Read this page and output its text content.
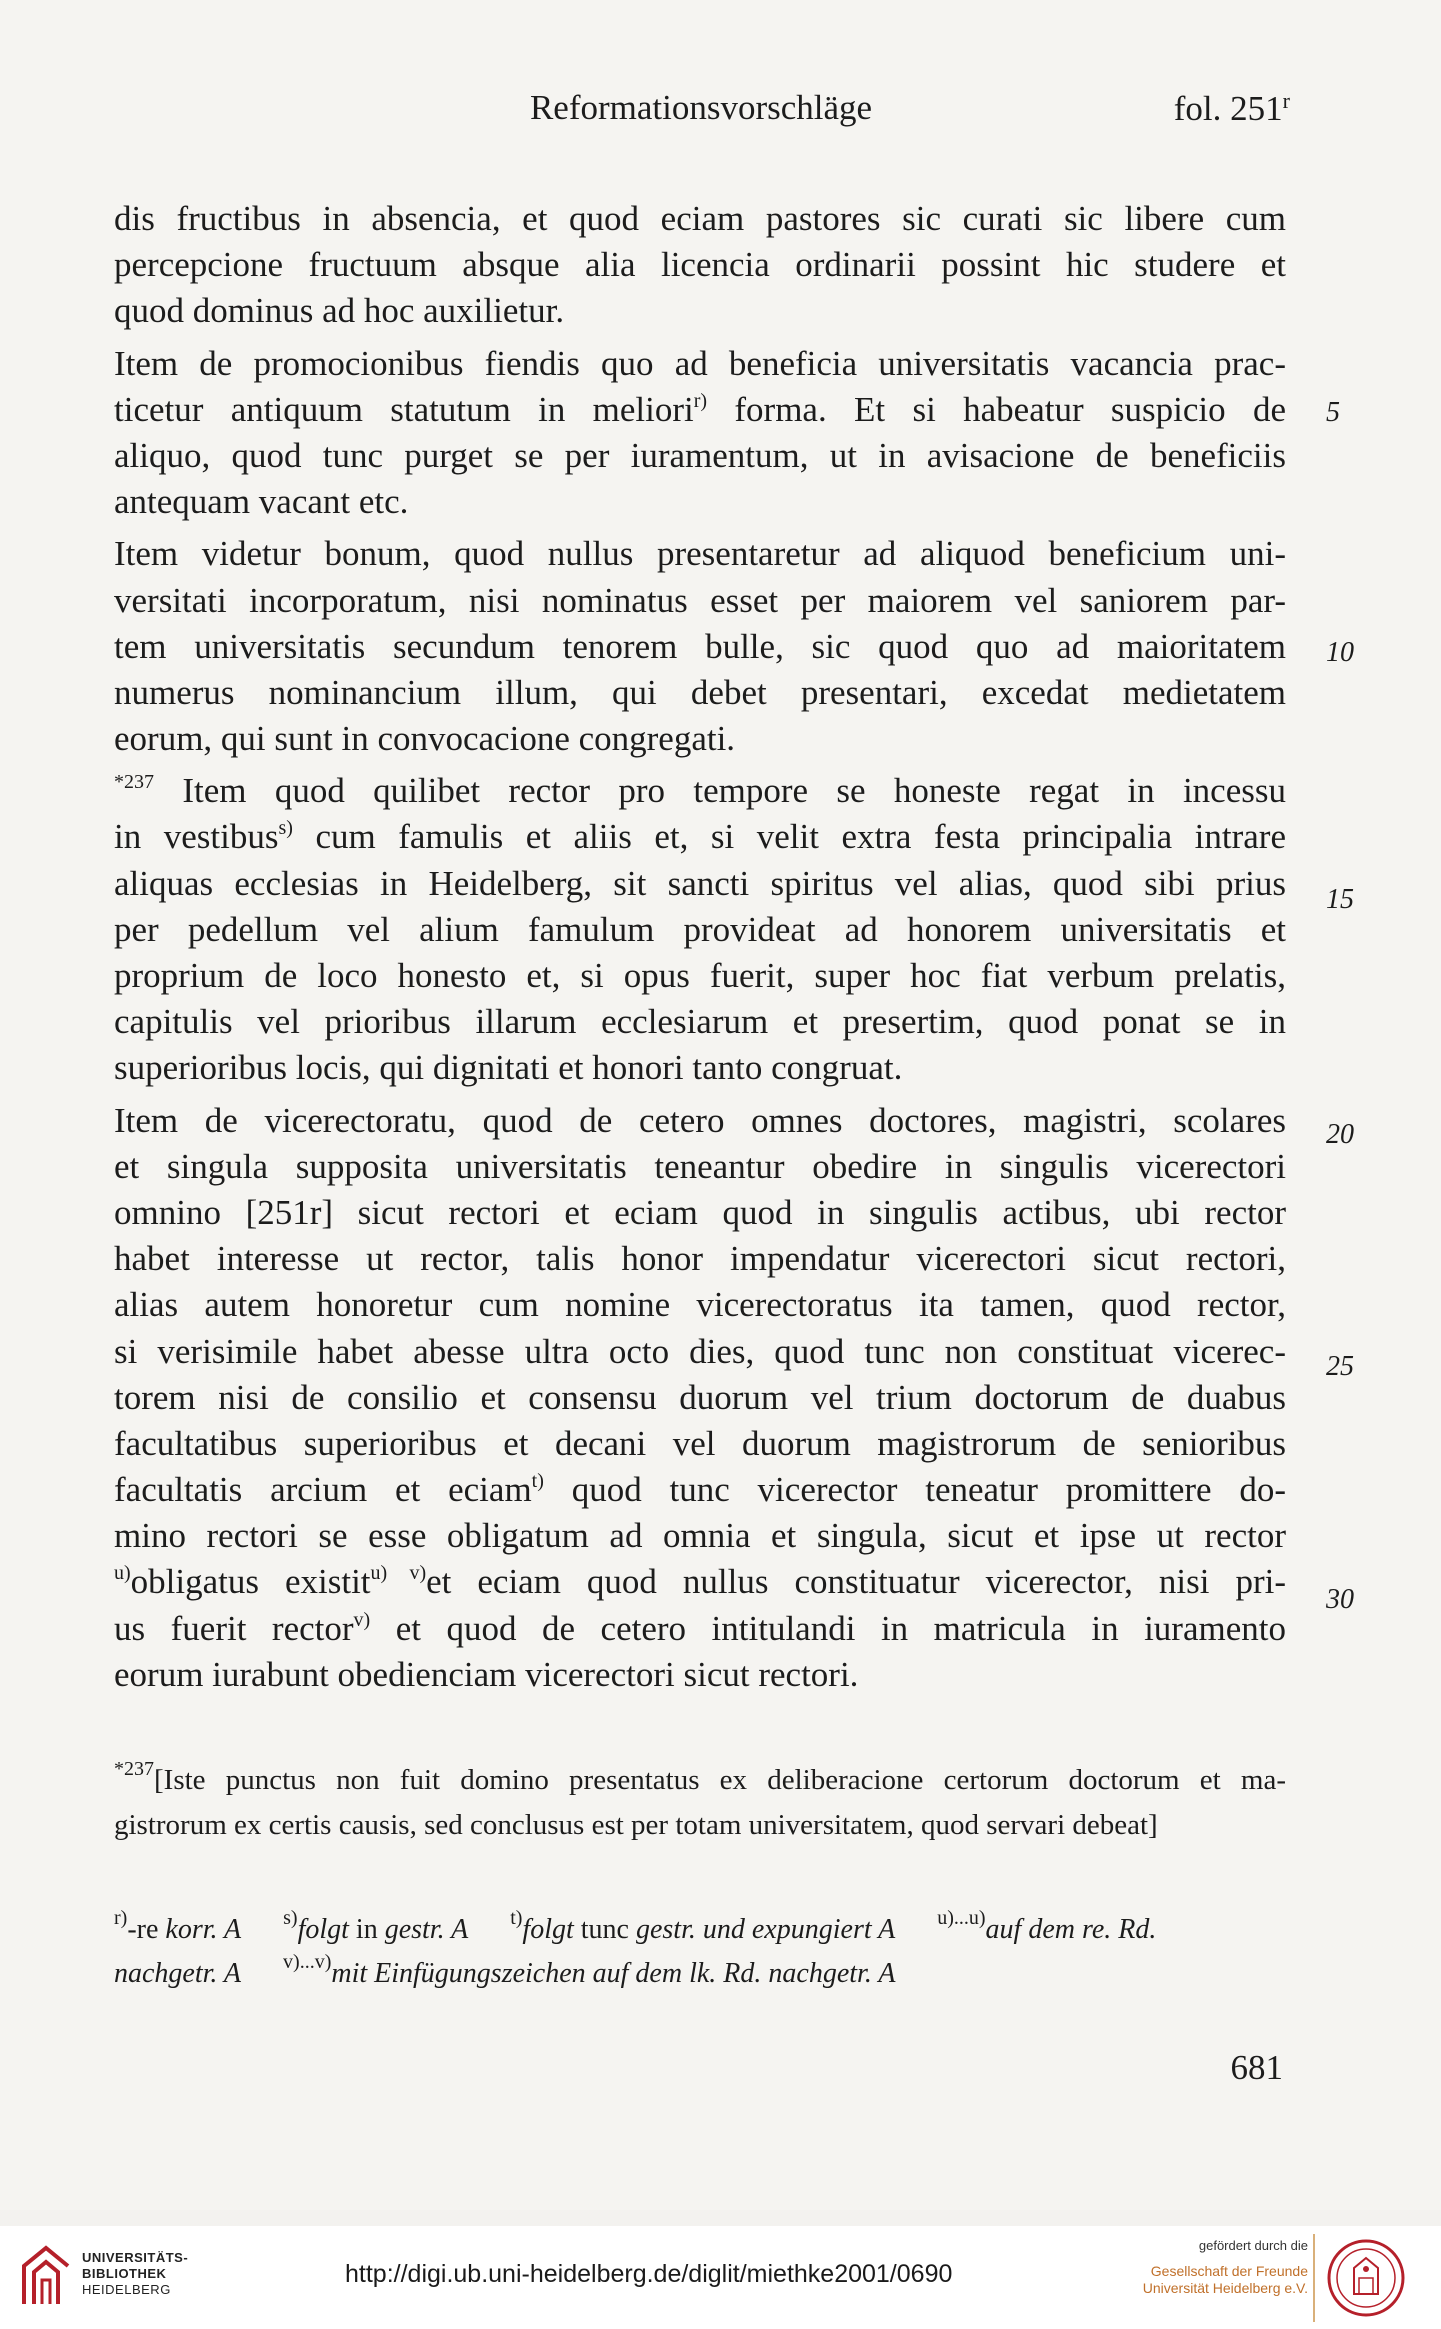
Reformationsvorschläge	fol. 251$^r$
dis fructibus in absencia, et quod eciam pastores sic curati sic libere cum
percepcione fructuum absque alia licencia ordinarii possint hic studere et
quod dominus ad hoc auxilietur.
Item de promocionibus fiendis quo ad beneficia universitatis vacancia prac-
ticetur antiquum statutum in meliori$^{r)}$ forma. Et si habeatur suspicio de
aliquo, quod tunc purget se per iuramentum, ut in avisacione de beneficiis
antequam vacant etc.
Item videtur bonum, quod nullus presentaretur ad aliquod beneficium uni-
versitati incorporatum, nisi nominatus esset per maiorem vel saniorem par-
tem universitatis secundum tenorem bulle, sic quod quo ad maioritatem
numerus nominancium illum, qui debet presentari, excedat medietatem
eorum, qui sunt in convocacione congregati.
$^{*237}$ Item quod quilibet rector pro tempore se honeste regat in incessu
in vestibus$^{s)}$ cum famulis et aliis et, si velit extra festa principalia intrare
aliquas ecclesias in Heidelberg, sit sancti spiritus vel alias, quod sibi prius
per pedellum vel alium famulum provideat ad honorem universitatis et
proprium de loco honesto et, si opus fuerit, super hoc fiat verbum prelatis,
capitulis vel prioribus illarum ecclesiarum et presertim, quod ponat se in
superioribus locis, qui dignitati et honori tanto congruat.
Item de vicerectoratu, quod de cetero omnes doctores, magistri, scolares
et singula supposita universitatis teneantur obedire in singulis vicerectori
omnino [251r] sicut rectori et eciam quod in singulis actibus, ubi rector
habet interesse ut rector, talis honor impendatur vicerectori sicut rectori,
alias autem honoretur cum nomine vicerectoratus ita tamen, quod rector,
si verisimile habet abesse ultra octo dies, quod tunc non constituat vicerec-
torem nisi de consilio et consensu duorum vel trium doctorum de duabus
facultatibus superioribus et decani vel duorum magistrorum de senioribus
facultatis arcium et eciam$^{t)}$ quod tunc vicerector teneatur promittere do-
mino rectori se esse obligatum ad omnia et singula, sicut et ipse ut rector
$^{u)}$obligatus existit$^{u)}$ $^{v)}$et eciam quod nullus constituatur vicerector, nisi pri-
us fuerit rector$^{v)}$ et quod de cetero intitulandi in matricula in iuramento
eorum iurabunt obedienciam vicerectori sicut rectori.
5
10
15
20
25
30
$^{*237}$[Iste punctus non fuit domino presentatus ex deliberacione certorum doctorum et ma-
gistrorum ex certis causis, sed conclusus est per totam universitatem, quod servari debeat]
$^{r)}$-re korr. A $^{s)}$folgt in gestr. A $^{t)}$folgt tunc gestr. und expungiert A $^{u)...u)}$auf dem re. Rd.
nachgetr. A $^{v)...v)}$mit Einfügungszeichen auf dem lk. Rd. nachgetr. A
681
UNIVERSITÄTS-
BIBLIOTHEK
HEIDELBERG
http://digi.ub.uni-heidelberg.de/diglit/miethke2001/0690
gefördert durch die
Gesellschaft der Freunde
Universität Heidelberg e.V.
